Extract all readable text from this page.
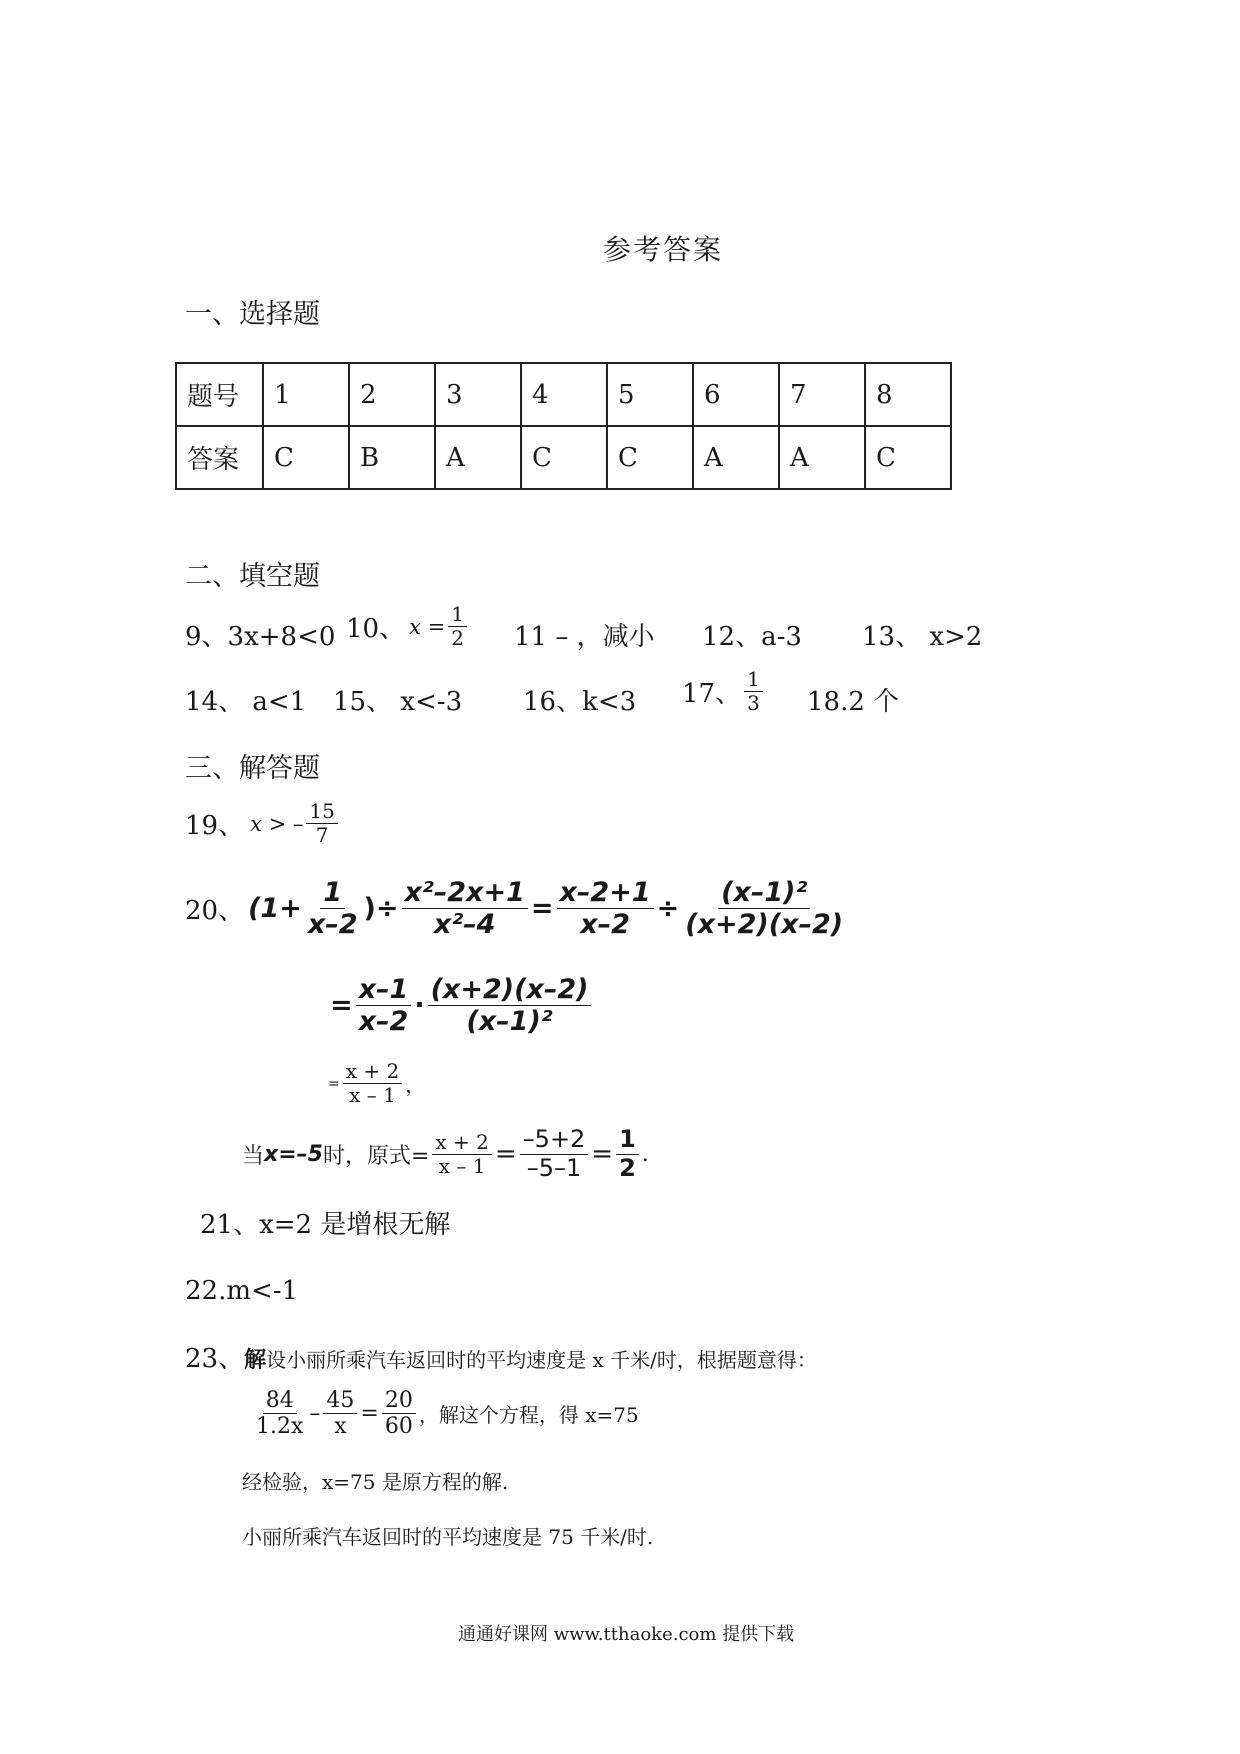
参考答案
一、选择题
题号	1	2	3	4	5	6	7	8
答案	C	B	A	C	C	A	A	C
二、填空题
9、3x+8<0 10、 $x = \frac{1}{2} 11$ – ，减小 12、a-3 13、 x>2
14、 a<1 15、 x<-3 16、k<3 17、 $\frac{1}{3} 18.2$ 个
三、解答题
19、 x > – $\frac{15}{7}$
20、 ($1+ \frac{1}{x-2}$ )÷ $\frac{\text{x²–2x+1}}{\text{x²–4}} = \frac{x-2+1}{x-2} \div \frac{\text{(x–1)²}}{(x+2)(x-2)}$
= $\frac{x-1}{x-2} \cdot \frac{(x+2)(x-2)}{\text{(x–1)²}}$
= $\frac{x + 2}{x - 1}$ ，
当 x=–5 时，原式= $\frac{x + 2}{x - 1} = \frac{-5+2}{-5-1} = \frac{1}{2}$ .
21、x=2 是增根无解
22.m<-1
23、 解 设小丽所乘汽车返回时的平均速度是 x 千米/时，根据题意得：
$\frac{84}{1.2x} - \frac{45}{x} = \frac{20}{60}$ ，解这个方程，得 x=75
经检验，x=75 是原方程的解.
小丽所乘汽车返回时的平均速度是 75 千米/时.
通通好课网 www.tthaoke.com 提供下载
